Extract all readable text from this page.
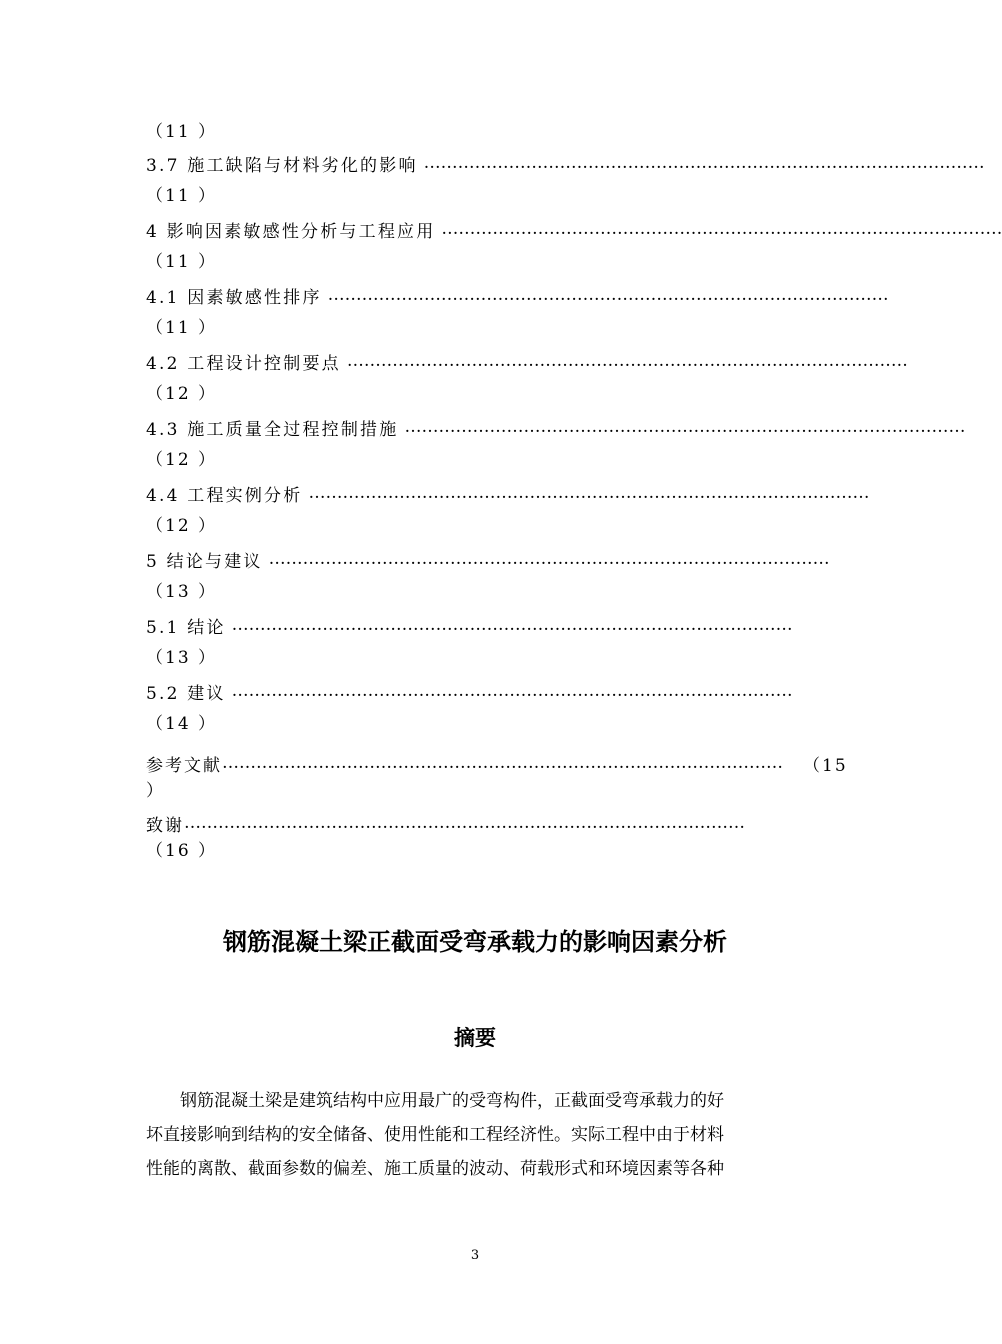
（11 ）
3.7 施工缺陷与材料劣化的影响 ………………………………………………………………………………………
（11 ）
4 影响因素敏感性分析与工程应用 ………………………………………………………………………………………
（11 ）
4.1 因素敏感性排序 ………………………………………………………………………………………
（11 ）
4.2 工程设计控制要点 ………………………………………………………………………………………
（12 ）
4.3 施工质量全过程控制措施 ………………………………………………………………………………………
（12 ）
4.4 工程实例分析 ………………………………………………………………………………………
（12 ）
5 结论与建议 ………………………………………………………………………………………
（13 ）
5.1 结论 ………………………………………………………………………………………
（13 ）
5.2 建议 ………………………………………………………………………………………
（14 ）
参考文献 ……………………………………………………………………………………… （15
）
致谢 ………………………………………………………………………………………
（16 ）
钢筋混凝土梁正截面受弯承载力的影响因素分析
摘要
钢筋混凝土梁是建筑结构中应用最广的受弯构件，正截面受弯承载力的好
坏直接影响到结构的安全储备、使用性能和工程经济性。实际工程中由于材料
性能的离散、截面参数的偏差、施工质量的波动、荷载形式和环境因素等各种
3
